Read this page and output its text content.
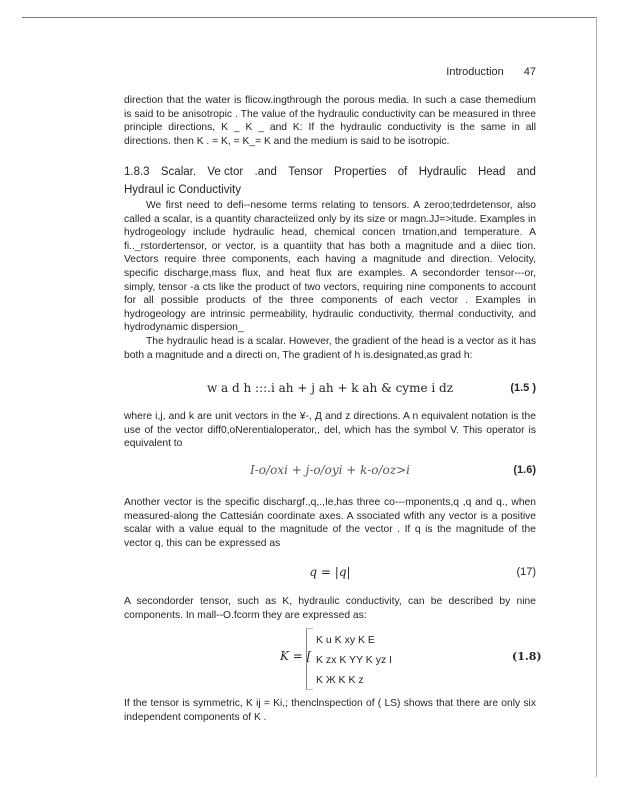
Introduction 47

direction that the water is flicow.ingthrough the porous media. In such a case themedium is said to be anisotropic . The value of the hydraulic conductivity can be measured in three principle directions, K _ K _ and K: If the hydraulic conductivity is the same in all directions. then K . = K, = K_= K and the medium is said to be isotropic.

1.8.3 Scalar. Ve ctor .and Tensor Properties of Hydraulic Head and
Hydraul ic Conductivity

We first need to defi--nesome terms relating to tensors. A zeroo;tedrdetensor, also called a scalar, is a quantity characteiized only by its size or magn.JJ=>itude. Examples in hydrogeology include hydraulic head, chemical concen trnation,and temperature. A fi.._rstordertensor, or vector, is a quantiity that has both a magnitude and a diiec tion. Vectors require three components, each having a magnitude and direction. Velocity, specific discharge,mass flux, and heat flux are examples. A secondorder tensor---or, simply, tensor -a cts like the product of two vectors, requiring nine components to account for all possible products of the three components of each vector . Examples in hydrogeology are intrinsic permeability, hydraulic conductivity, thermal conductivity, and hydrodynamic dispersion_

The hydraulic head is a scalar. However, the gradient of the head is a vector as it has both a magnitude and a directi on, The gradient of h is.designated,as grad h:

w a d h :::.i ah + j ah + k ah & cyme i dz	(1.5 )

where i,j, and k are unit vectors in the ¥-, Д and z directions. A n equivalent notation is the use of the vector diff0,oNerentialoperator,, del, which has the symbol V. This operator is equivalent to

I-o/oxi + j-o/oyi + k-o/oz>i	(1.6)

Another vector is the specific dischargf.,q,.,Ie,has three co---mponents,q ,q and q., when measured-along the Cattesián coordinate axes. A ssociated wfith any vector is a positive scalar with a value equal to the magnitude of the vector . If q is the magnitude of the vector q, this can be expressed as

q = |q|	(17)

A secondorder tensor, such as K, hydraulic conductivity, can be described by nine components. In mall--O.fcorm they are expressed as:

K = [
K u K xy K E
K zx K YY K yz I
K Ж K K z
(1.8)

If the tensor is symmetric, K ij = Ki,; thenclnspection of ( LS) shows that there are only six independent components of K .
